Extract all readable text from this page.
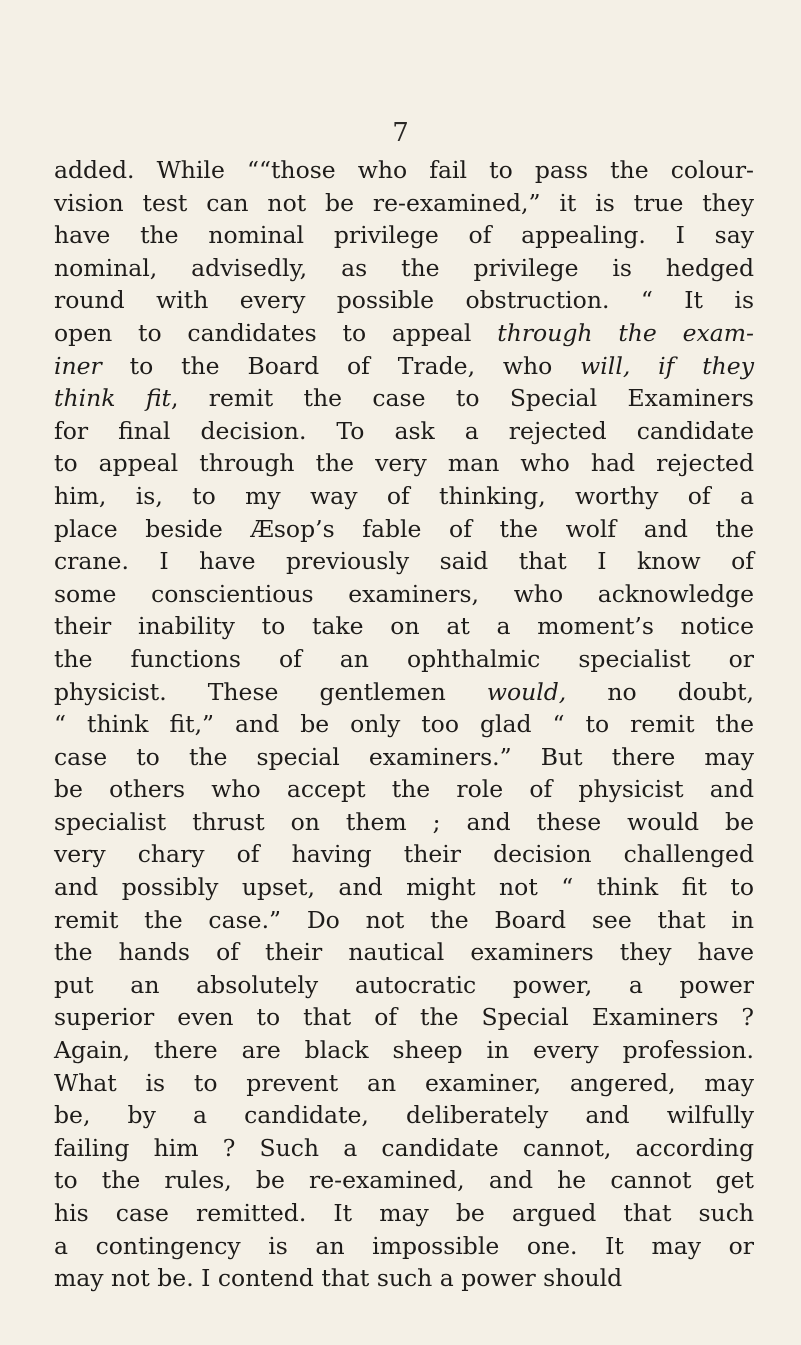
7
added. While ““those who fail to pass the colour-
vision test can not be re-examined,” it is true they
have the nominal privilege of appealing. I say
nominal, advisedly, as the privilege is hedged
round with every possible obstruction. “ It is
open to candidates to appeal through the exam-
iner to the Board of Trade, who will, if they
think fit, remit the case to Special Examiners
for final decision. To ask a rejected candidate
to appeal through the very man who had rejected
him, is, to my way of thinking, worthy of a
place beside Æsop’s fable of the wolf and the
crane. I have previously said that I know of
some conscientious examiners, who acknowledge
their inability to take on at a moment’s notice
the functions of an ophthalmic specialist or
physicist. These gentlemen would, no doubt,
“ think fit,” and be only too glad “ to remit the
case to the special examiners.” But there may
be others who accept the role of physicist and
specialist thrust on them ; and these would be
very chary of having their decision challenged
and possibly upset, and might not “ think fit to
remit the case.” Do not the Board see that in
the hands of their nautical examiners they have
put an absolutely autocratic power, a power
superior even to that of the Special Examiners ?
Again, there are black sheep in every profession.
What is to prevent an examiner, angered, may
be, by a candidate, deliberately and wilfully
failing him ? Such a candidate cannot, according
to the rules, be re-examined, and he cannot get
his case remitted. It may be argued that such
a contingency is an impossible one. It may or
may not be. I contend that such a power should
